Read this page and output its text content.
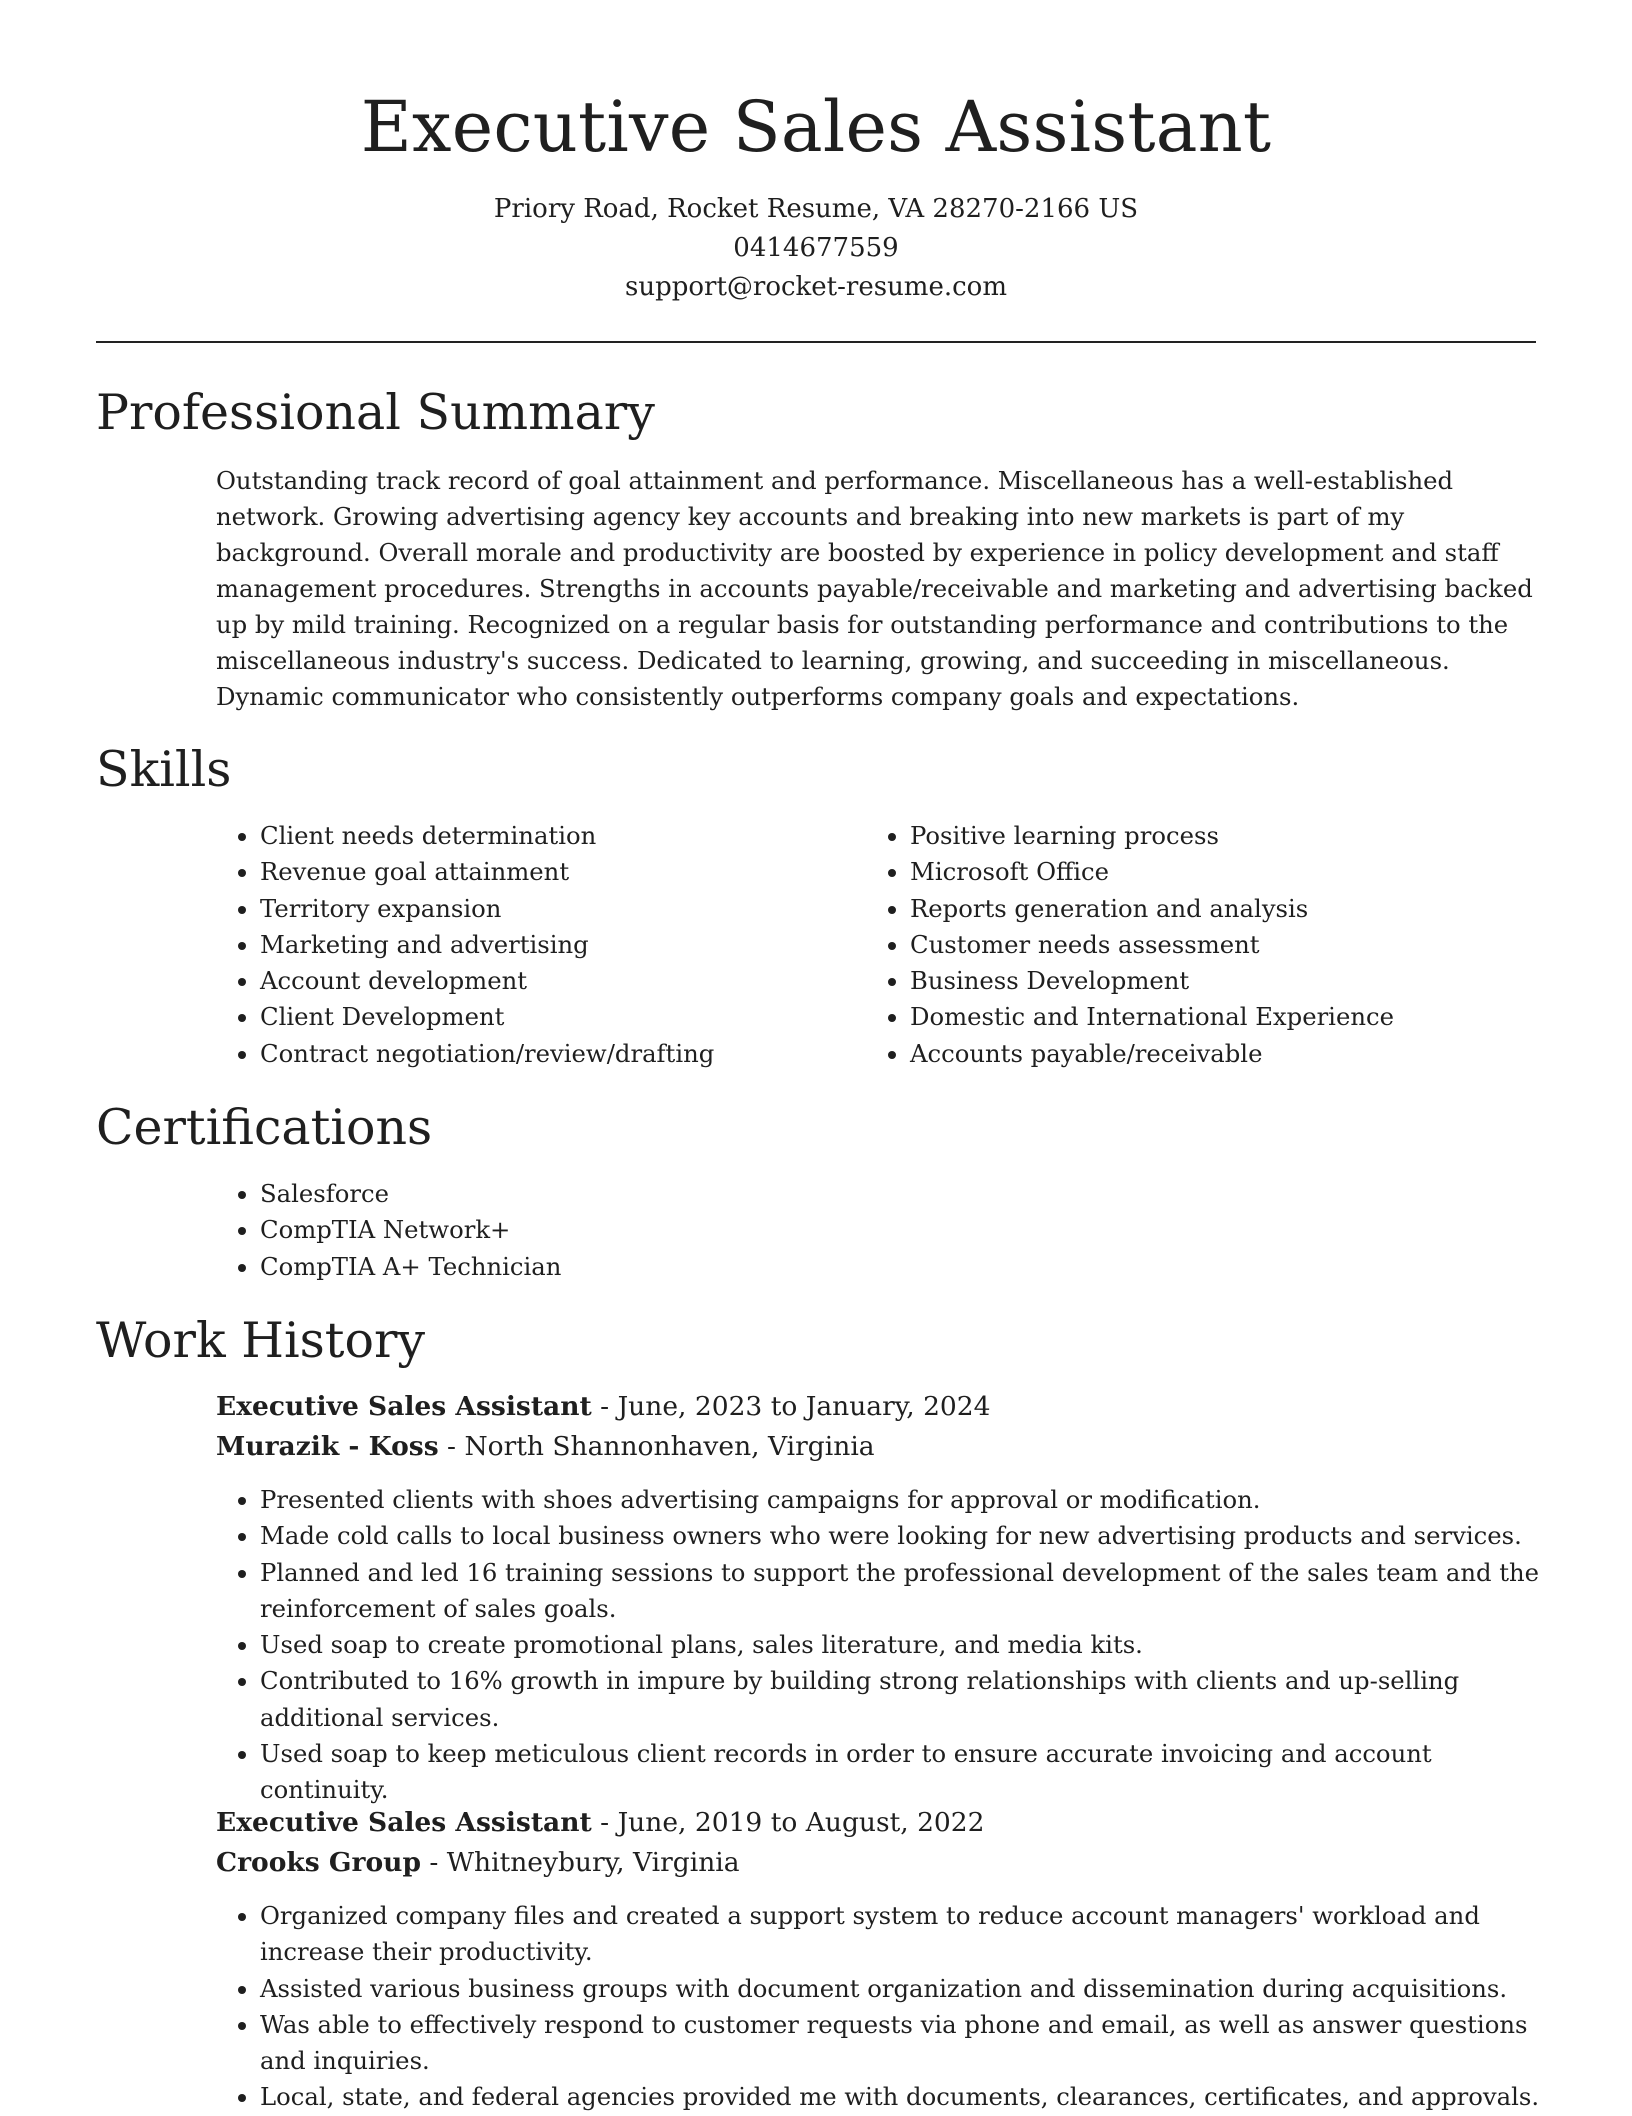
Executive Sales Assistant
Priory Road, Rocket Resume, VA 28270-2166 US
0414677559
support@rocket-resume.com
Professional Summary

Outstanding track record of goal attainment and performance. Miscellaneous has a well-established network. Growing advertising agency key accounts and breaking into new markets is part of my background. Overall morale and productivity are boosted by experience in policy development and staff management procedures. Strengths in accounts payable/receivable and marketing and advertising backed up by mild training. Recognized on a regular basis for outstanding performance and contributions to the miscellaneous industry's success. Dedicated to learning, growing, and succeeding in miscellaneous. Dynamic communicator who consistently outperforms company goals and expectations.

Skills
• Client needs determination
• Revenue goal attainment
• Territory expansion
• Marketing and advertising
• Account development
• Client Development
• Contract negotiation/review/drafting
• Positive learning process
• Microsoft Office
• Reports generation and analysis
• Customer needs assessment
• Business Development
• Domestic and International Experience
• Accounts payable/receivable
Certifications
• Salesforce
• CompTIA Network+
• CompTIA A+ Technician
Work History
Executive Sales Assistant - June, 2023 to January, 2024
Murazik - Koss - North Shannonhaven, Virginia
• Presented clients with shoes advertising campaigns for approval or modification.
• Made cold calls to local business owners who were looking for new advertising products and services.
• Planned and led 16 training sessions to support the professional development of the sales team and the reinforcement of sales goals.
• Used soap to create promotional plans, sales literature, and media kits.
• Contributed to 16% growth in impure by building strong relationships with clients and up-selling additional services.
• Used soap to keep meticulous client records in order to ensure accurate invoicing and account continuity.
Executive Sales Assistant - June, 2019 to August, 2022
Crooks Group - Whitneybury, Virginia
• Organized company files and created a support system to reduce account managers' workload and increase their productivity.
• Assisted various business groups with document organization and dissemination during acquisitions.
• Was able to effectively respond to customer requests via phone and email, as well as answer questions and inquiries.
• Local, state, and federal agencies provided me with documents, clearances, certificates, and approvals.
